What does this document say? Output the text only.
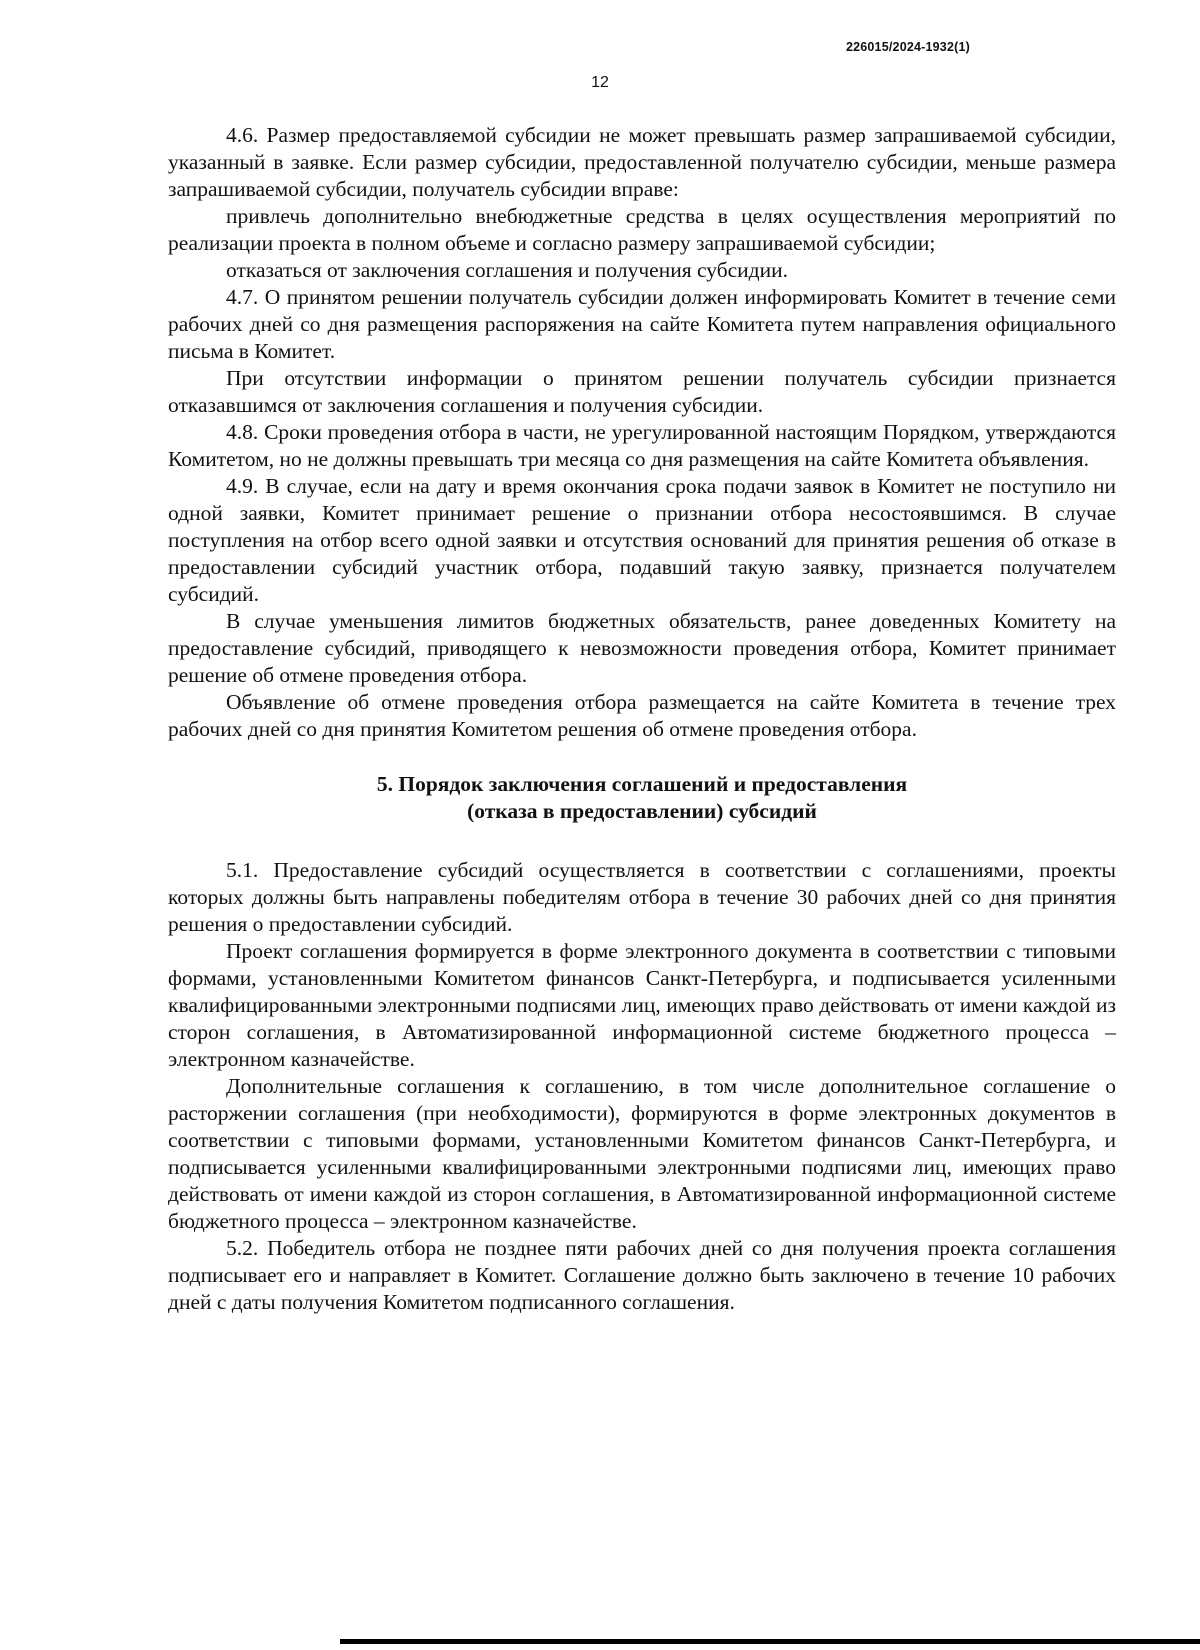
226015/2024-1932(1)
12

4.6. Размер предоставляемой субсидии не может превышать размер запрашиваемой субсидии, указанный в заявке. Если размер субсидии, предоставленной получателю субсидии, меньше размера запрашиваемой субсидии, получатель субсидии вправе:

привлечь дополнительно внебюджетные средства в целях осуществления мероприятий по реализации проекта в полном объеме и согласно размеру запрашиваемой субсидии;

отказаться от заключения соглашения и получения субсидии.

4.7. О принятом решении получатель субсидии должен информировать Комитет в течение семи рабочих дней со дня размещения распоряжения на сайте Комитета путем направления официального письма в Комитет.

При отсутствии информации о принятом решении получатель субсидии признается отказавшимся от заключения соглашения и получения субсидии.

4.8. Сроки проведения отбора в части, не урегулированной настоящим Порядком, утверждаются Комитетом, но не должны превышать три месяца со дня размещения на сайте Комитета объявления.

4.9. В случае, если на дату и время окончания срока подачи заявок в Комитет не поступило ни одной заявки, Комитет принимает решение о признании отбора несостоявшимся. В случае поступления на отбор всего одной заявки и отсутствия оснований для принятия решения об отказе в предоставлении субсидий участник отбора, подавший такую заявку, признается получателем субсидий.

В случае уменьшения лимитов бюджетных обязательств, ранее доведенных Комитету на предоставление субсидий, приводящего к невозможности проведения отбора, Комитет принимает решение об отмене проведения отбора.

Объявление об отмене проведения отбора размещается на сайте Комитета в течение трех рабочих дней со дня принятия Комитетом решения об отмене проведения отбора.

5. Порядок заключения соглашений и предоставления
(отказа в предоставлении) субсидий

5.1. Предоставление субсидий осуществляется в соответствии с соглашениями, проекты которых должны быть направлены победителям отбора в течение 30 рабочих дней со дня принятия решения о предоставлении субсидий.

Проект соглашения формируется в форме электронного документа в соответствии с типовыми формами, установленными Комитетом финансов Санкт-Петербурга, и подписывается усиленными квалифицированными электронными подписями лиц, имеющих право действовать от имени каждой из сторон соглашения, в Автоматизированной информационной системе бюджетного процесса – электронном казначействе.

Дополнительные соглашения к соглашению, в том числе дополнительное соглашение о расторжении соглашения (при необходимости), формируются в форме электронных документов в соответствии с типовыми формами, установленными Комитетом финансов Санкт-Петербурга, и подписывается усиленными квалифицированными электронными подписями лиц, имеющих право действовать от имени каждой из сторон соглашения, в Автоматизированной информационной системе бюджетного процесса – электронном казначействе.

5.2. Победитель отбора не позднее пяти рабочих дней со дня получения проекта соглашения подписывает его и направляет в Комитет. Соглашение должно быть заключено в течение 10 рабочих дней с даты получения Комитетом подписанного соглашения.
